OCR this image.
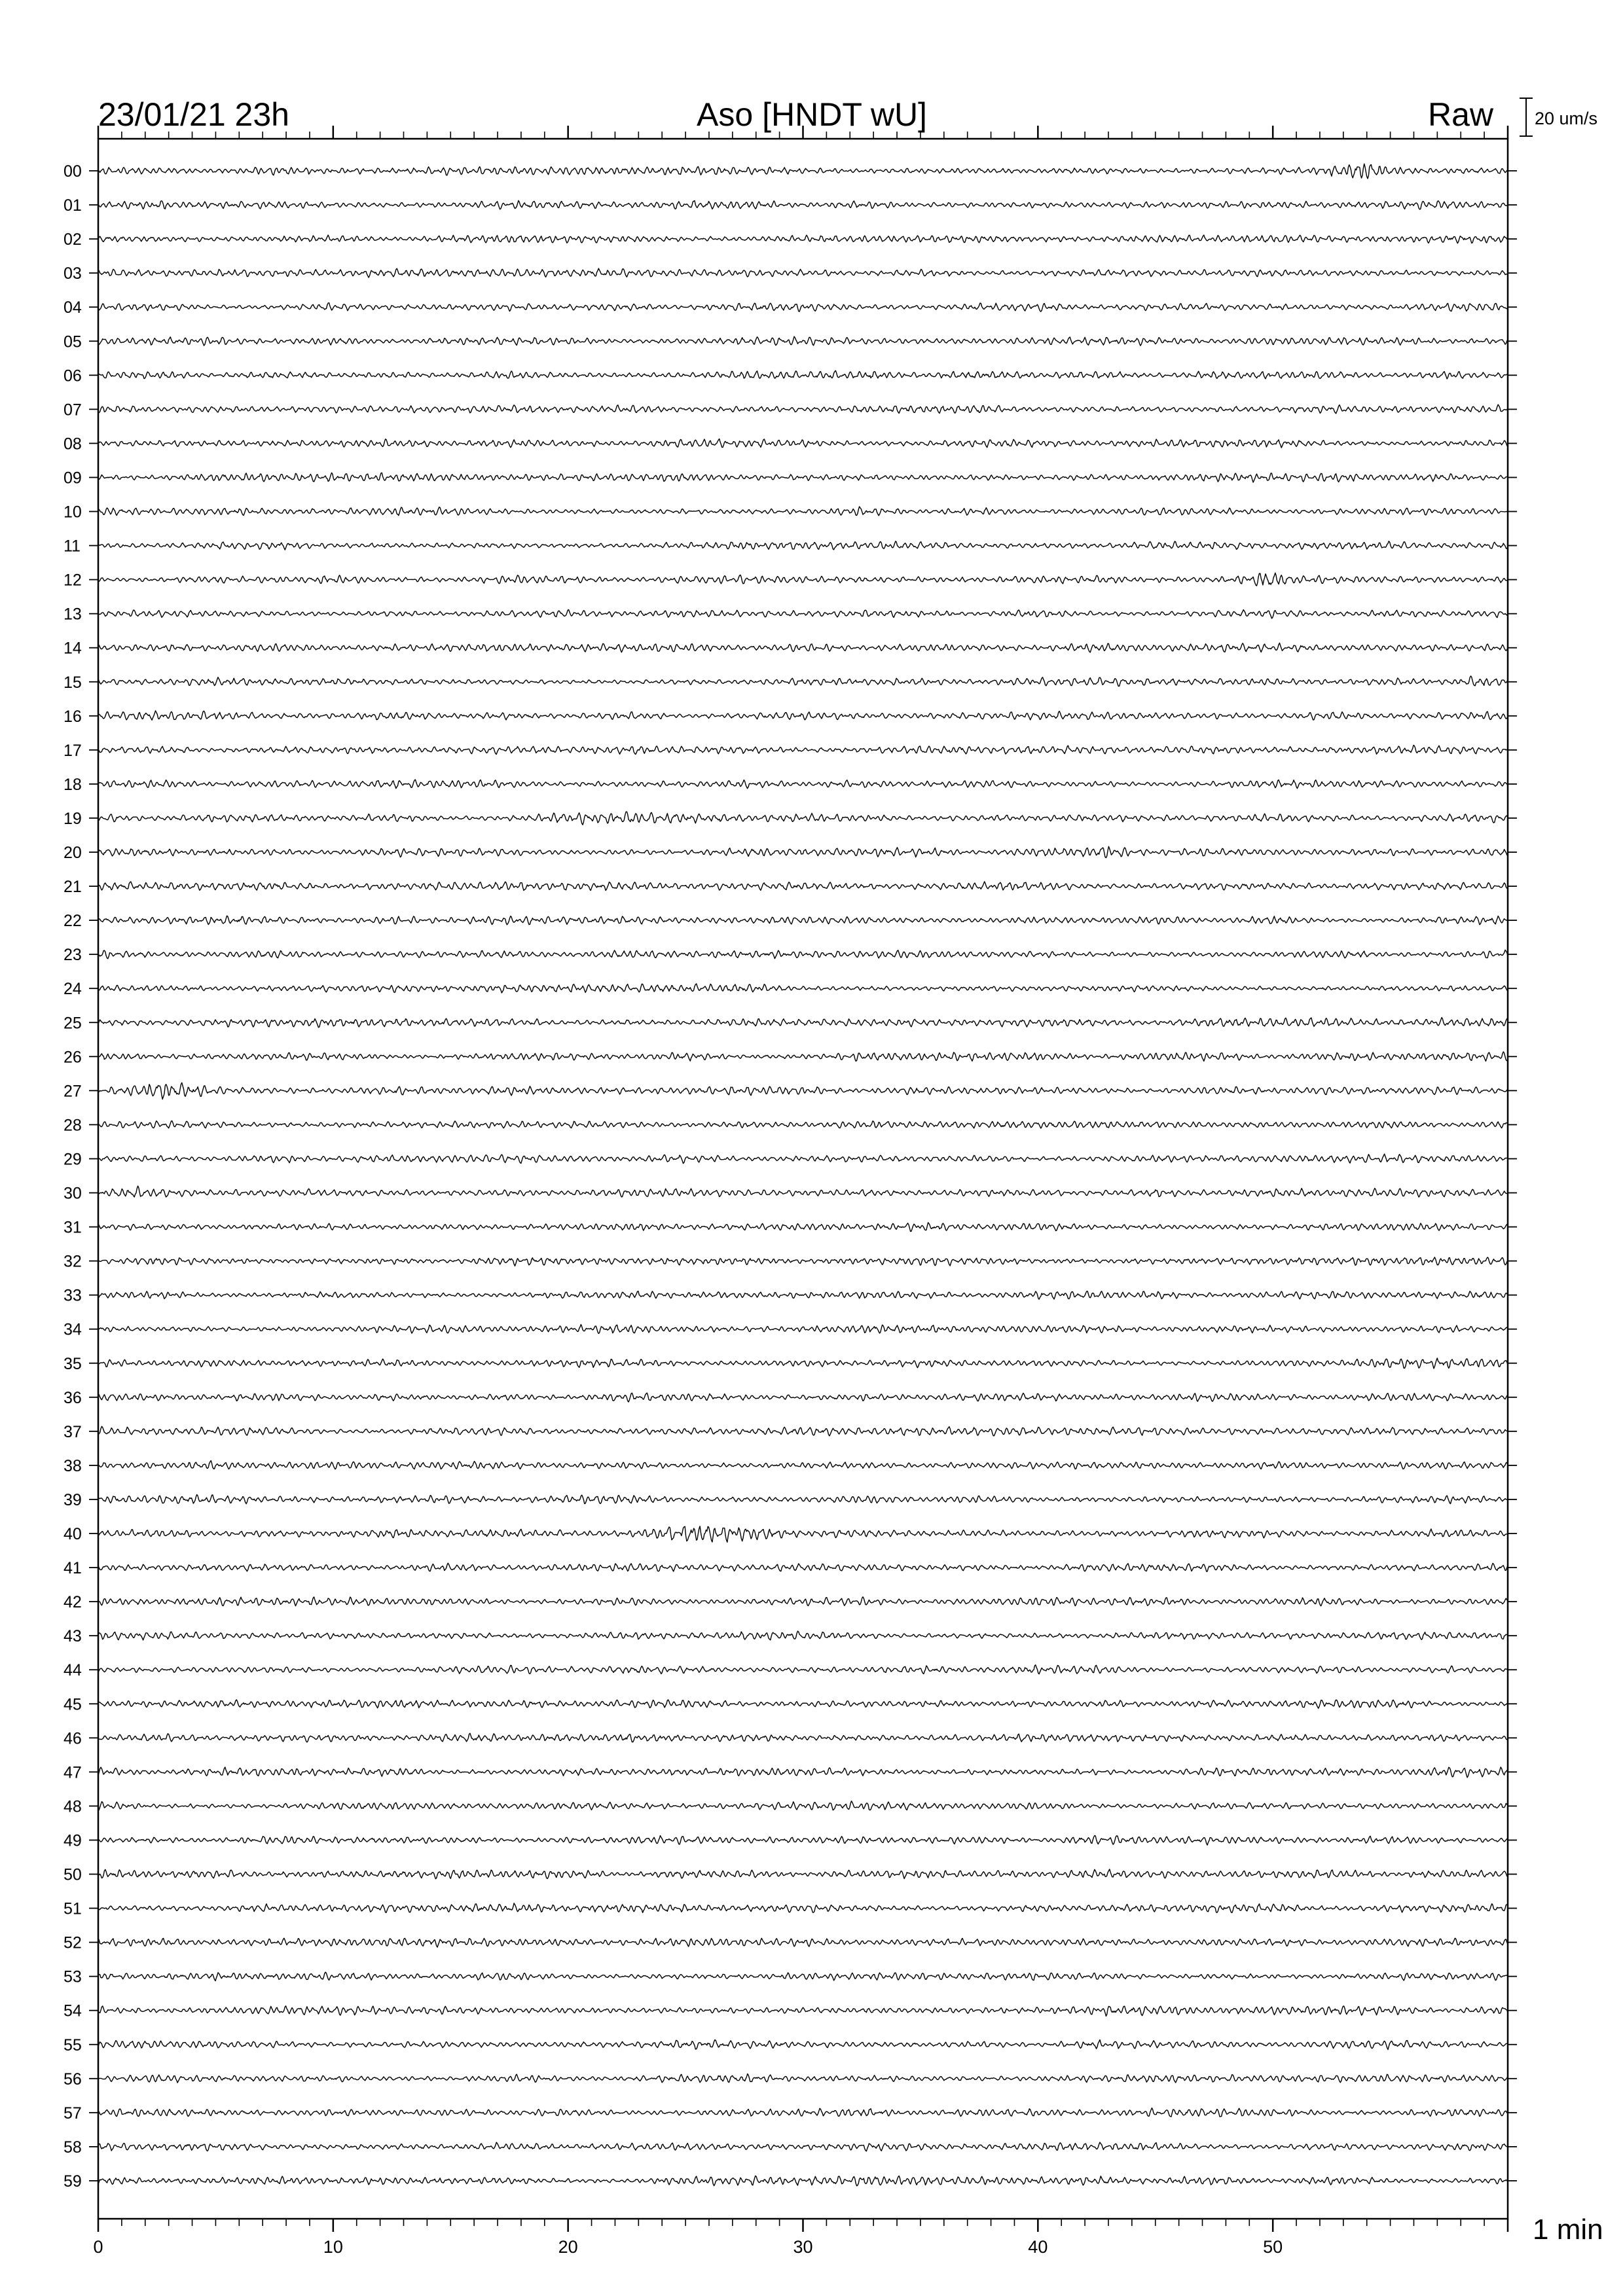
23/01/21 23h	Aso [HNDT wU]	Raw 20 um/s
1 min
0	10	20	30	40	50
00
01
02
03
04
05
06
07
08
09
10
11
12
13
14
15
16
17
18
19
20
21
22
23
24
25
26
27
28
29
30
31
32
33
34
35
36
37
38
39
40
41
42
43
44
45
46
47
48
49
50
51
52
53
54
55
56
57
58
59
